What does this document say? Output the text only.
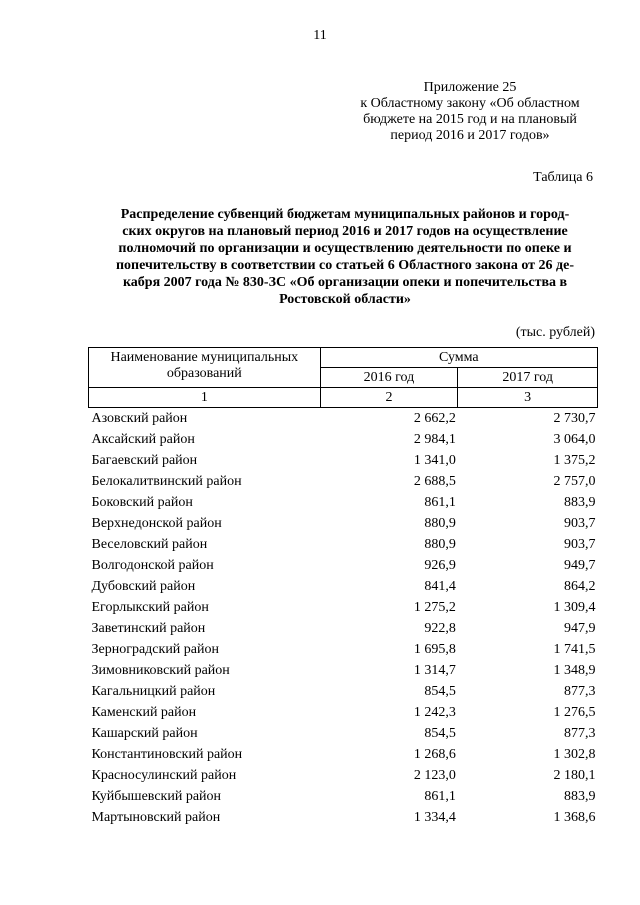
11
Приложение 25
к Областному закону «Об областном
бюджете на 2015 год и на плановый
период 2016 и 2017 годов»
Таблица 6
Распределение субвенций бюджетам муниципальных районов и город-
ских округов на плановый период 2016 и 2017 годов на осуществление
полномочий по организации и осуществлению деятельности по опеке и
попечительству в соответствии со статьей 6 Областного закона от 26 де-
кабря 2007 года № 830-ЗС «Об организации опеки и попечительства в
Ростовской области»
(тыс. рублей)
Наименование муниципальных образований	Сумма	
	2016 год	2017 год
1	2	3
Азовский район	2 662,2	2 730,7
Аксайский район	2 984,1	3 064,0
Багаевский район	1 341,0	1 375,2
Белокалитвинский район	2 688,5	2 757,0
Боковский район	861,1	883,9
Верхнедонской район	880,9	903,7
Веселовский район	880,9	903,7
Волгодонской район	926,9	949,7
Дубовский район	841,4	864,2
Егорлыкский район	1 275,2	1 309,4
Заветинский район	922,8	947,9
Зерноградский район	1 695,8	1 741,5
Зимовниковский район	1 314,7	1 348,9
Кагальницкий район	854,5	877,3
Каменский район	1 242,3	1 276,5
Кашарский район	854,5	877,3
Константиновский район	1 268,6	1 302,8
Красносулинский район	2 123,0	2 180,1
Куйбышевский район	861,1	883,9
Мартыновский район	1 334,4	1 368,6
